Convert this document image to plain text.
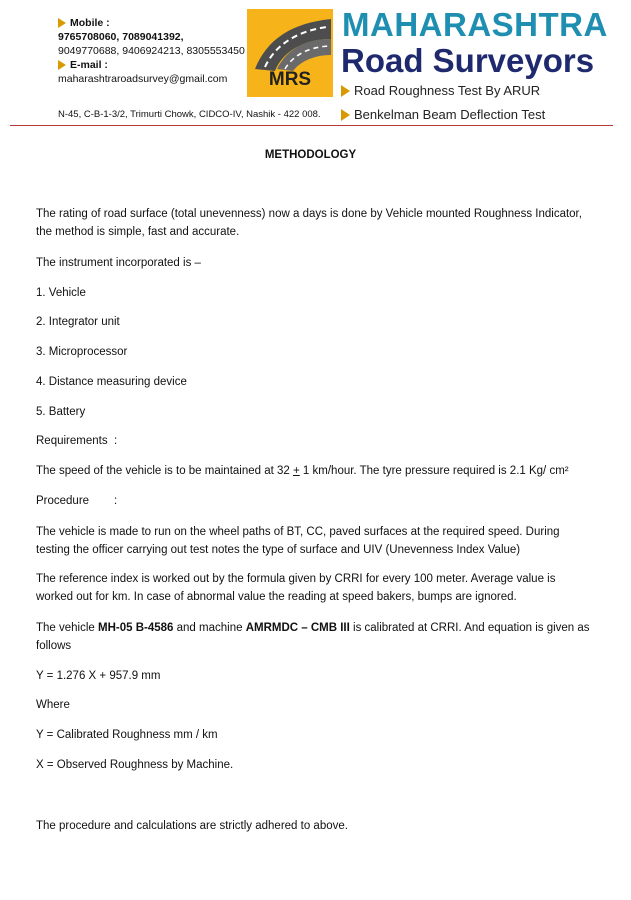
Mobile :
9765708060, 7089041392,
9049770688, 9406924213, 8305553450
E-mail :
maharashtraroadsurvey@gmail.com
N-45, C-B-1-3/2, Trimurti Chowk, CIDCO-IV, Nashik - 422 008.
MRS
MAHARASHTRA
Road Surveyors
Road Roughness Test By ARUR
Benkelman Beam Deflection Test
METHODOLOGY
The rating of road surface (total unevenness) now a days is done by Vehicle mounted Roughness Indicator, the method is simple, fast and accurate.
The instrument incorporated is –
1. Vehicle
2. Integrator unit
3. Microprocessor
4. Distance measuring device
5. Battery
Requirements :
The speed of the vehicle is to be maintained at 32 + 1 km/hour. The tyre pressure required is 2.1 Kg/ cm²
Procedure :
The vehicle is made to run on the wheel paths of BT, CC, paved surfaces at the required speed. During testing the officer carrying out test notes the type of surface and UIV (Unevenness Index Value)
The reference index is worked out by the formula given by CRRI for every 100 meter. Average value is worked out for km. In case of abnormal value the reading at speed bakers, bumps are ignored.
The vehicle MH-05 B-4586 and machine AMRMDC – CMB III is calibrated at CRRI. And equation is given as follows
Y = 1.276 X + 957.9 mm
Where
Y = Calibrated Roughness mm / km
X = Observed Roughness by Machine.
The procedure and calculations are strictly adhered to above.
